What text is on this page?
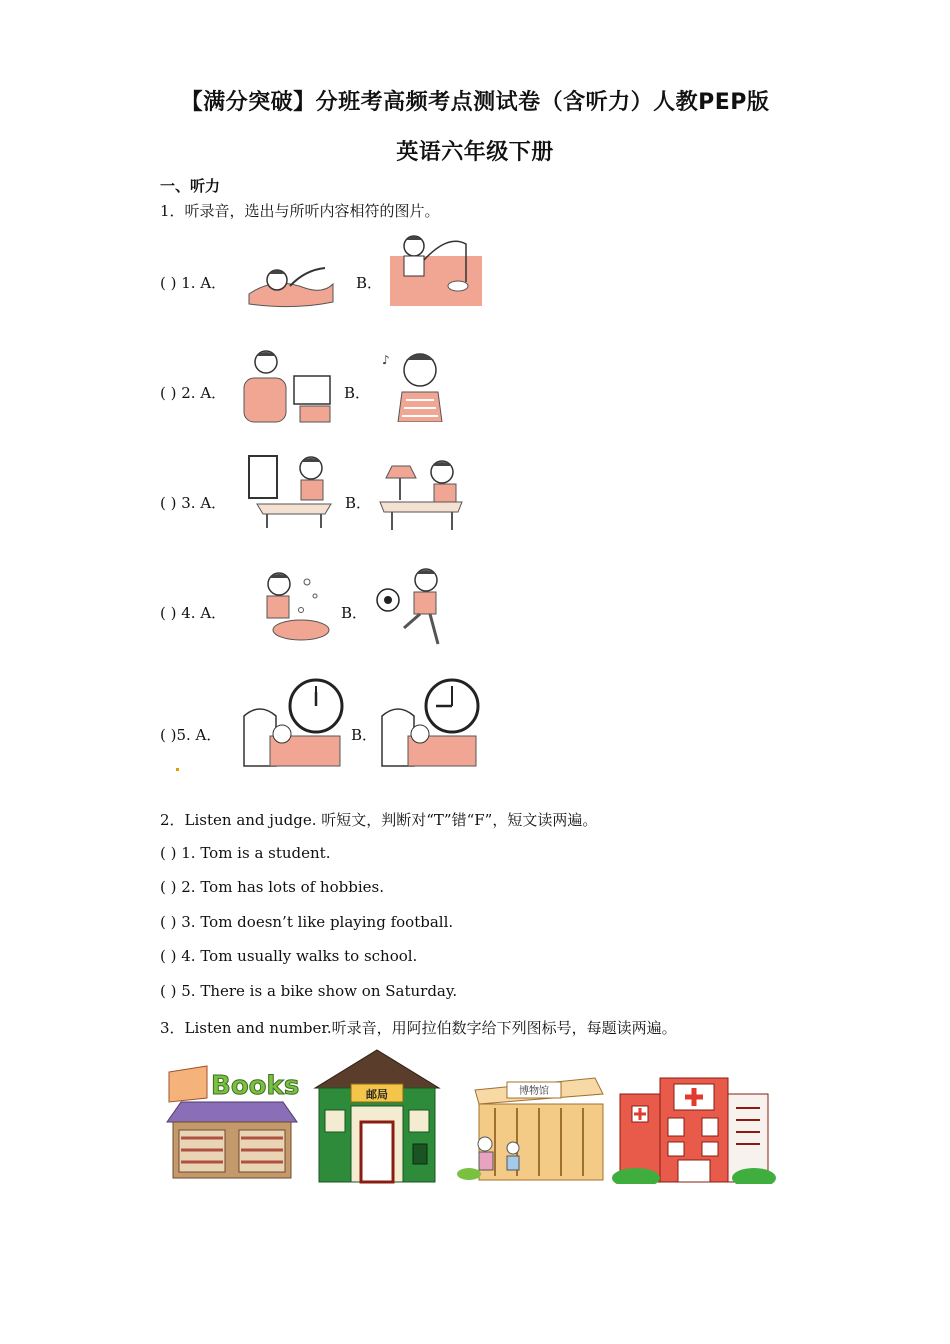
【满分突破】分班考高频考点测试卷（含听力）人教PEP版
英语六年级下册
一、听力
1．听录音，选出与所听内容相符的图片。
( ) 1. A．	B．
( ) 2. A．	B．
♪
( ) 3. A．	B．
( ) 4. A．	B．
( )5. A．	B．
2．Listen and judge. 听短文，判断对“T”错“F”，短文读两遍。
( ) 1. Tom is a student.
( ) 2. Tom has lots of hobbies.
( ) 3. Tom doesn’t like playing football.
( ) 4. Tom usually walks to school.
( ) 5. There is a bike show on Saturday.
3．Listen and number.听录音，用阿拉伯数字给下列图标号，每题读两遍。
Books	邮局	博物馆
